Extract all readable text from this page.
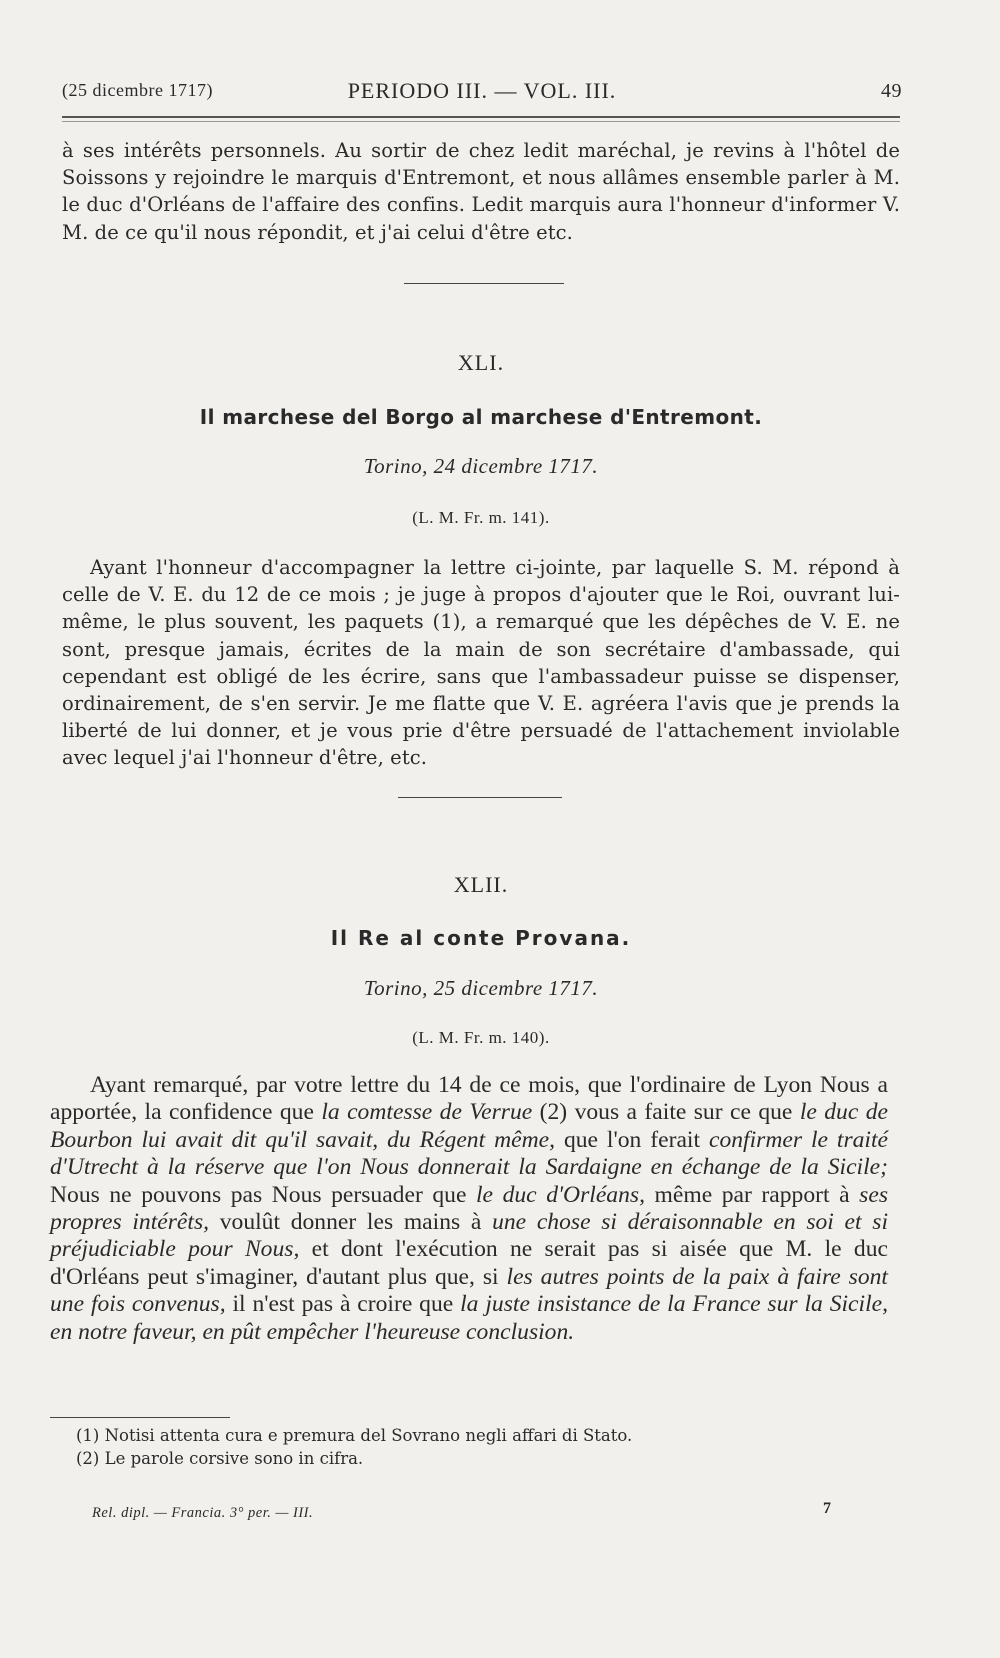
(25 dicembre 1717)	PERIODO III. — VOL. III.	49

à ses intérêts personnels. Au sortir de chez ledit maréchal, je revins à l'hôtel de Soissons y rejoindre le marquis d'Entremont, et nous allâmes ensemble parler à M. le duc d'Orléans de l'affaire des confins. Ledit marquis aura l'honneur d'informer V. M. de ce qu'il nous répondit, et j'ai celui d'être etc.

XLI.
Il marchese del Borgo al marchese d'Entremont.
Torino, 24 dicembre 1717.
(L. M. Fr. m. 141).

Ayant l'honneur d'accompagner la lettre ci-jointe, par laquelle S. M. répond à celle de V. E. du 12 de ce mois ; je juge à propos d'ajouter que le Roi, ouvrant lui-même, le plus souvent, les paquets (1), a remarqué que les dépêches de V. E. ne sont, presque jamais, écrites de la main de son secrétaire d'ambassade, qui cependant est obligé de les écrire, sans que l'ambassadeur puisse se dispenser, ordinairement, de s'en servir. Je me flatte que V. E. agréera l'avis que je prends la liberté de lui donner, et je vous prie d'être persuadé de l'attachement inviolable avec lequel j'ai l'honneur d'être, etc.

XLII.
Il Re al conte Provana.
Torino, 25 dicembre 1717.
(L. M. Fr. m. 140).

Ayant remarqué, par votre lettre du 14 de ce mois, que l'ordinaire de Lyon Nous a apportée, la confidence que la comtesse de Verrue (2) vous a faite sur ce que le duc de Bourbon lui avait dit qu'il savait, du Régent même, que l'on ferait confirmer le traité d'Utrecht à la réserve que l'on Nous donnerait la Sardaigne en échange de la Sicile; Nous ne pouvons pas Nous persuader que le duc d'Orléans, même par rapport à ses propres intérêts, voulût donner les mains à une chose si déraisonnable en soi et si préjudiciable pour Nous, et dont l'exécution ne serait pas si aisée que M. le duc d'Orléans peut s'imaginer, d'autant plus que, si les autres points de la paix à faire sont une fois convenus, il n'est pas à croire que la juste insistance de la France sur la Sicile, en notre faveur, en pût empêcher l'heureuse conclusion.

(1) Notisi attenta cura e premura del Sovrano negli affari di Stato.
(2) Le parole corsive sono in cifra.
Rel. dipl. — Francia. 3° per. — III.	7
